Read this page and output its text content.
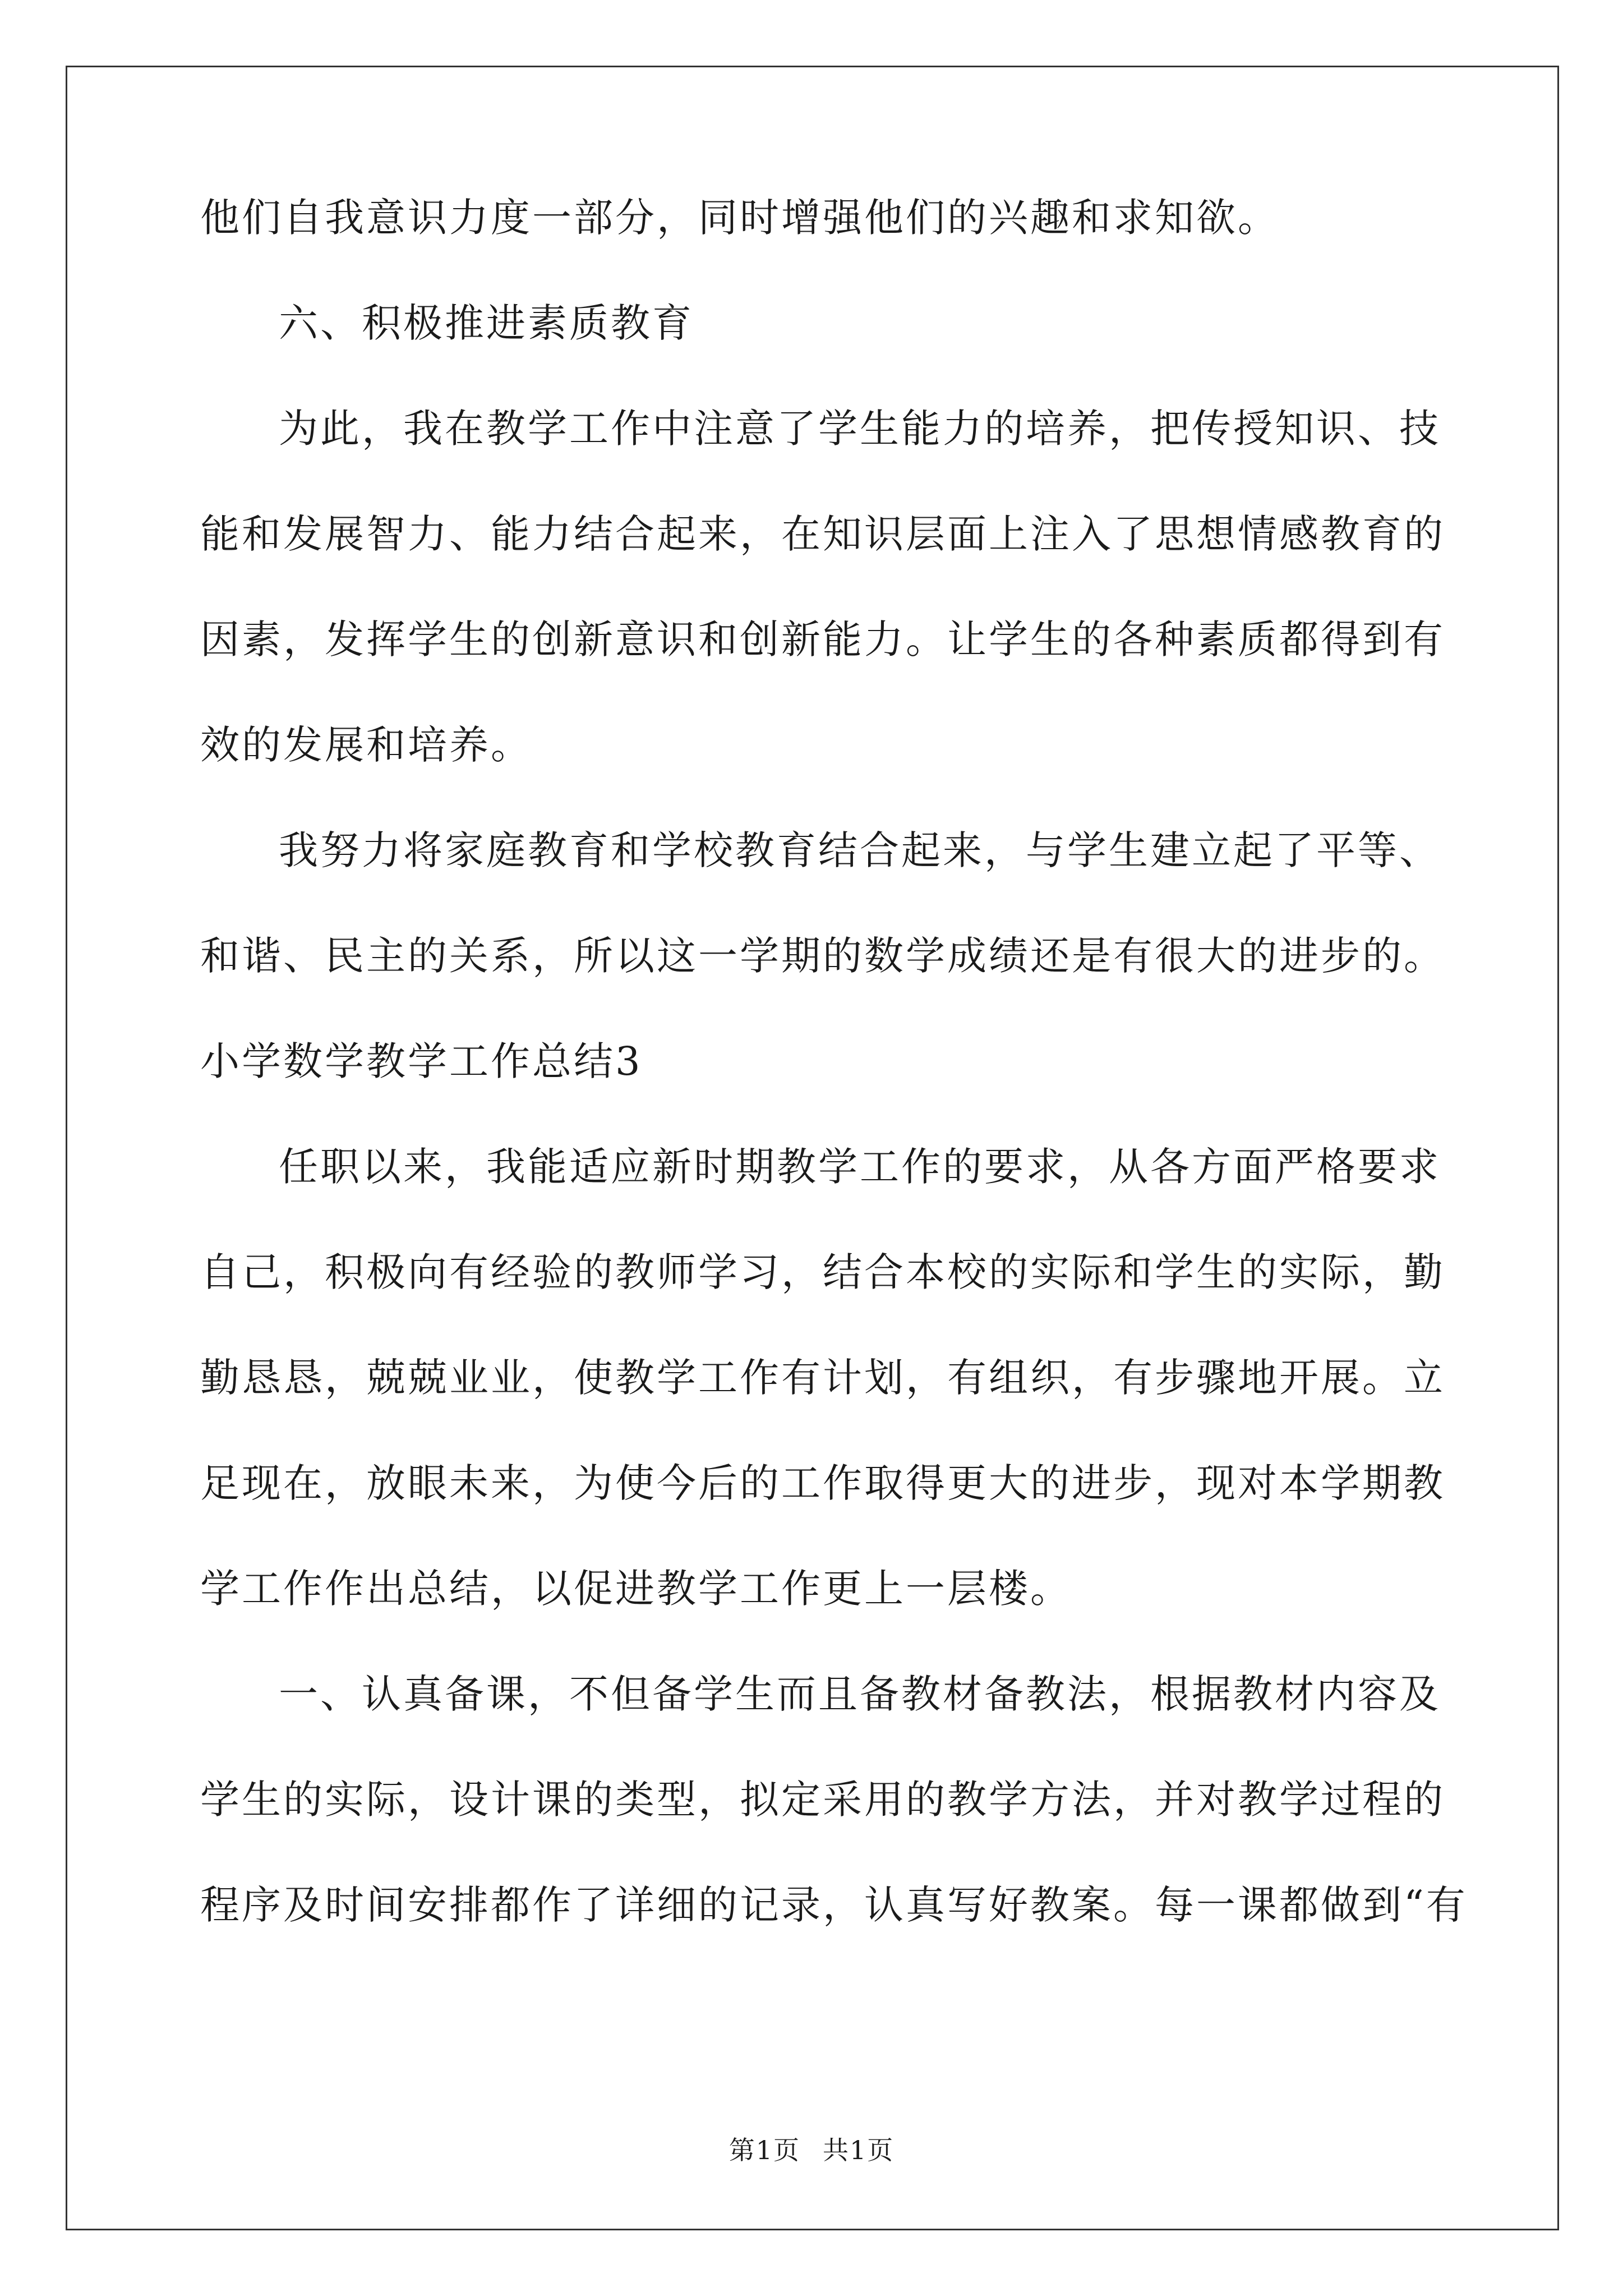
他们自我意识力度一部分，同时增强他们的兴趣和求知欲。
六、积极推进素质教育
为此，我在教学工作中注意了学生能力的培养，把传授知识、技
能和发展智力、能力结合起来，在知识层面上注入了思想情感教育的
因素，发挥学生的创新意识和创新能力。让学生的各种素质都得到有
效的发展和培养。
我努力将家庭教育和学校教育结合起来，与学生建立起了平等、
和谐、民主的关系，所以这一学期的数学成绩还是有很大的进步的。
小学数学教学工作总结3
任职以来，我能适应新时期教学工作的要求，从各方面严格要求
自己，积极向有经验的教师学习，结合本校的实际和学生的实际，勤
勤恳恳，兢兢业业，使教学工作有计划，有组织，有步骤地开展。立
足现在，放眼未来，为使今后的工作取得更大的进步，现对本学期教
学工作作出总结，以促进教学工作更上一层楼。
一、认真备课，不但备学生而且备教材备教法，根据教材内容及
学生的实际，设计课的类型，拟定采用的教学方法，并对教学过程的
程序及时间安排都作了详细的记录，认真写好教案。每一课都做到“有
第1页 共1页
